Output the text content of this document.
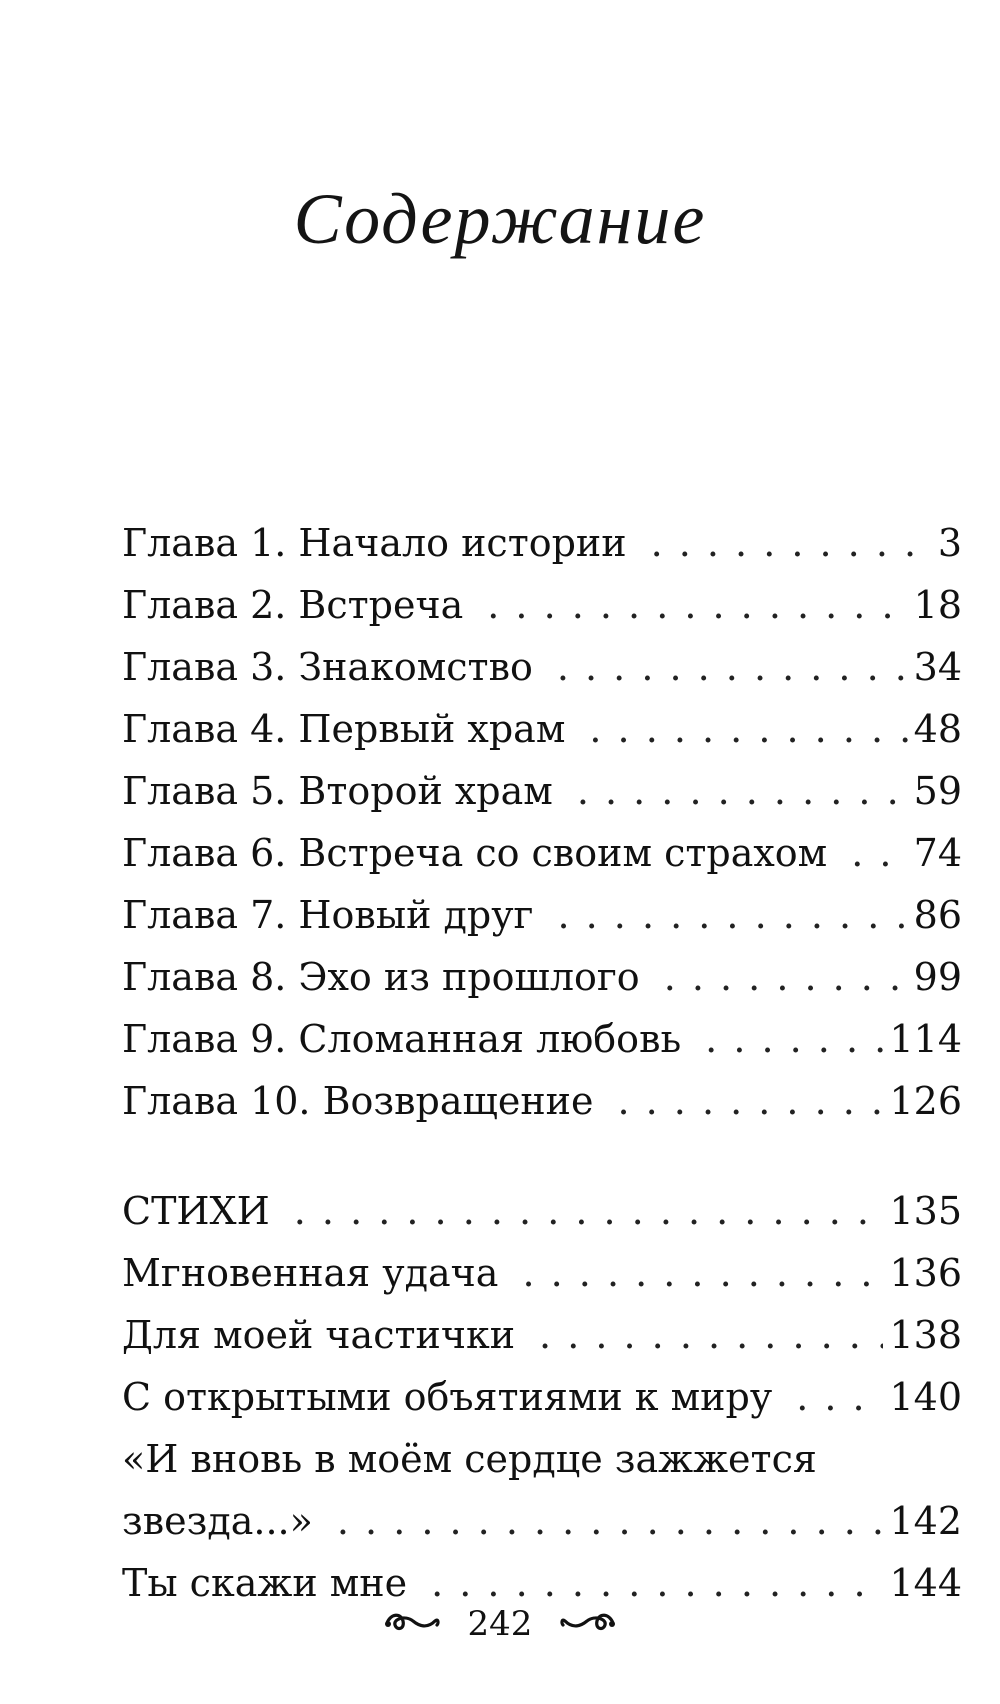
Содержание
Глава 1. Начало истории . . .	3
Глава 2. Встреча . . .	18
Глава 3. Знакомство . . .	34
Глава 4. Первый храм . . .	48
Глава 5. Второй храм . . .	59
Глава 6. Встреча со своим страхом . . . 74
Глава 7. Новый друг . . .	86
Глава 8. Эхо из прошлого . . .	99
Глава 9. Сломанная любовь . . .	114
Глава 10. Возвращение . . .	126
СТИХИ . . .	135
Мгновенная удача . . .	136
Для моей частички . . .	138
С открытыми объятиями к миру . . .	140
«И вновь в моём сердце зажжется
звезда...» . . .	142
Ты скажи мне . . .	144
242
